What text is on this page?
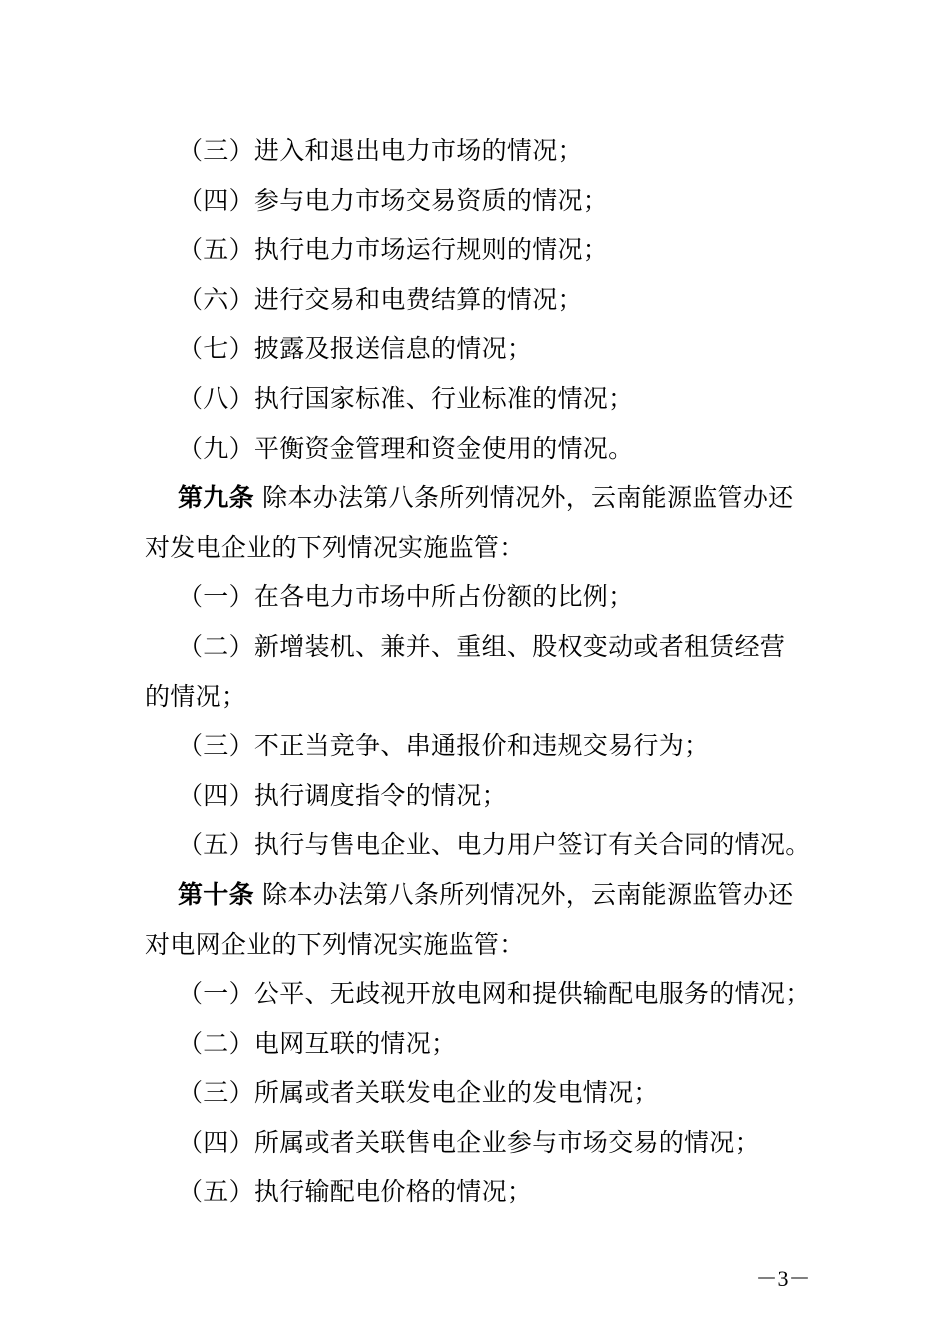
（三）进入和退出电力市场的情况；

（四）参与电力市场交易资质的情况；

（五）执行电力市场运行规则的情况；

（六）进行交易和电费结算的情况；

（七）披露及报送信息的情况；

（八）执行国家标准、行业标准的情况；

（九）平衡资金管理和资金使用的情况。

第九条 除本办法第八条所列情况外，云南能源监管办还对发电企业的下列情况实施监管：

（一）在各电力市场中所占份额的比例；

（二）新增装机、兼并、重组、股权变动或者租赁经营的情况；

（三）不正当竞争、串通报价和违规交易行为；

（四）执行调度指令的情况；

（五）执行与售电企业、电力用户签订有关合同的情况。

第十条 除本办法第八条所列情况外，云南能源监管办还对电网企业的下列情况实施监管：

（一）公平、无歧视开放电网和提供输配电服务的情况；

（二）电网互联的情况；

（三）所属或者关联发电企业的发电情况；

（四）所属或者关联售电企业参与市场交易的情况；

（五）执行输配电价格的情况；

－3－
